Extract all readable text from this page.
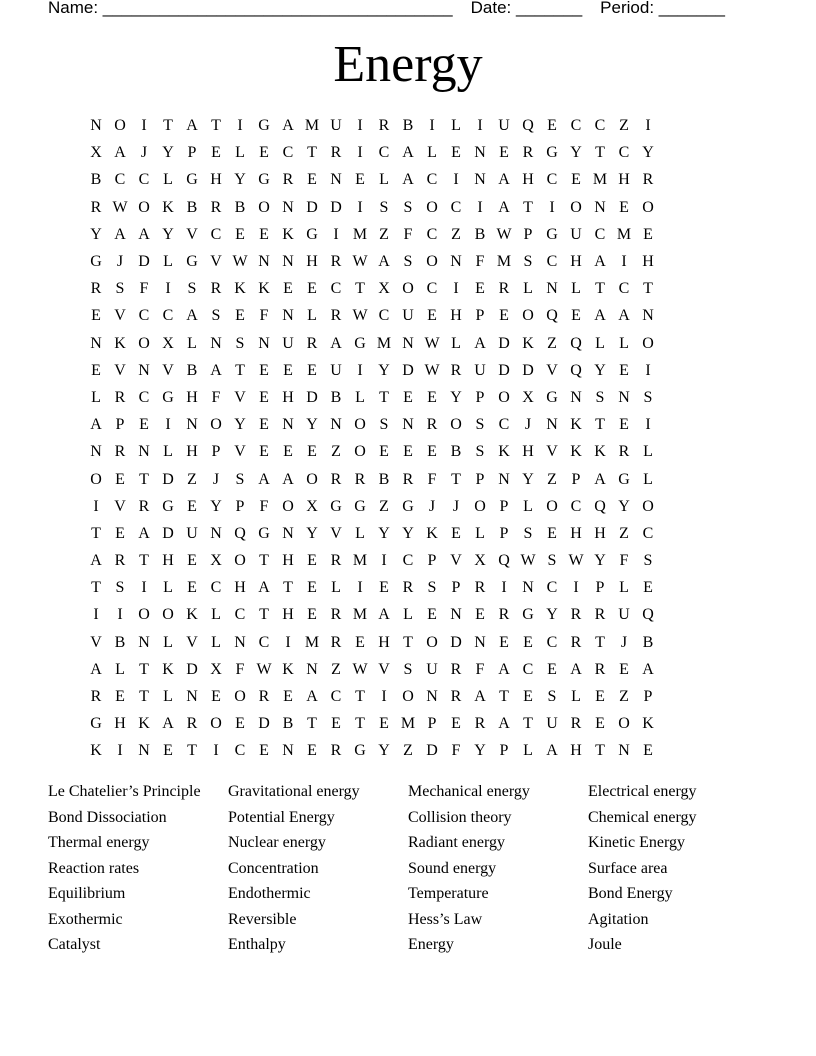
Name: _____________________________________ Date: _______ Period: _______
Energy
N O I	T A T	I G A M U I	R B	I	L	I U Q E C C Z	I
X A J Y P E L E C T R	I	C A L E N E R G Y T C Y
B C C L G H Y G R E N E L A C	I N A H C E M H R
R W O K B R B O N D D I	S S O C	I A T	I O N E O
Y A A Y V C E E K G I M Z F C Z B W P G U C M E
G J D L G V W N N H R W A S O N F M S C H A I H
R S F	I	S R K K E E C T X O C	I	E R L N L T C T
E V C C A S E F N L R W C U E H P E O Q E A A N
N K O X L N S N U R A G M N W L A D K Z Q L L O
E V N V B A T E E E U I Y D W R U D D V Q Y E	I
L R C G H F V E H D B L T E E Y P O X G N S N S
A P E	I N O Y E N Y N O S N R O S C J N K T E	I
N R N L H P V E E E Z O E E E B S K H V K K R L
O E T D Z J	S A A O R R B R F T P N Y Z P A G L
I V R G E Y P F O X G G Z G J	J O P L O C Q Y O
T E A D U N Q G N Y V L Y Y K E L P S E H H Z C
A R T H E X O T H E R M I	C P V X Q W S W Y F S
T S	I	L E C H A T E L	I	E R S P R	I N C	I	P L E
I	I O O K L C T H E R M A L E N E R G Y R R U Q
V B N L V L N C	I M R E H T O D N E E C R T J B
A L T K D X F W K N Z W V S U R F A C E A R E A
R E T L N E O R E A C T	I O N R A T E S L E Z P
G H K A R O E D B T E T E M P E R A T U R E O K
K I N E T	I	C E N E R G Y Z D F Y P L A H T N E
Le Chatelier’s Principle
Bond Dissociation
Thermal energy
Reaction rates
Equilibrium
Exothermic
Catalyst
Gravitational energy
Potential Energy
Nuclear energy
Concentration
Endothermic
Reversible
Enthalpy
Mechanical energy
Collision theory
Radiant energy
Sound energy
Temperature
Hess’s Law
Energy
Electrical energy
Chemical energy
Kinetic Energy
Surface area
Bond Energy
Agitation
Joule
